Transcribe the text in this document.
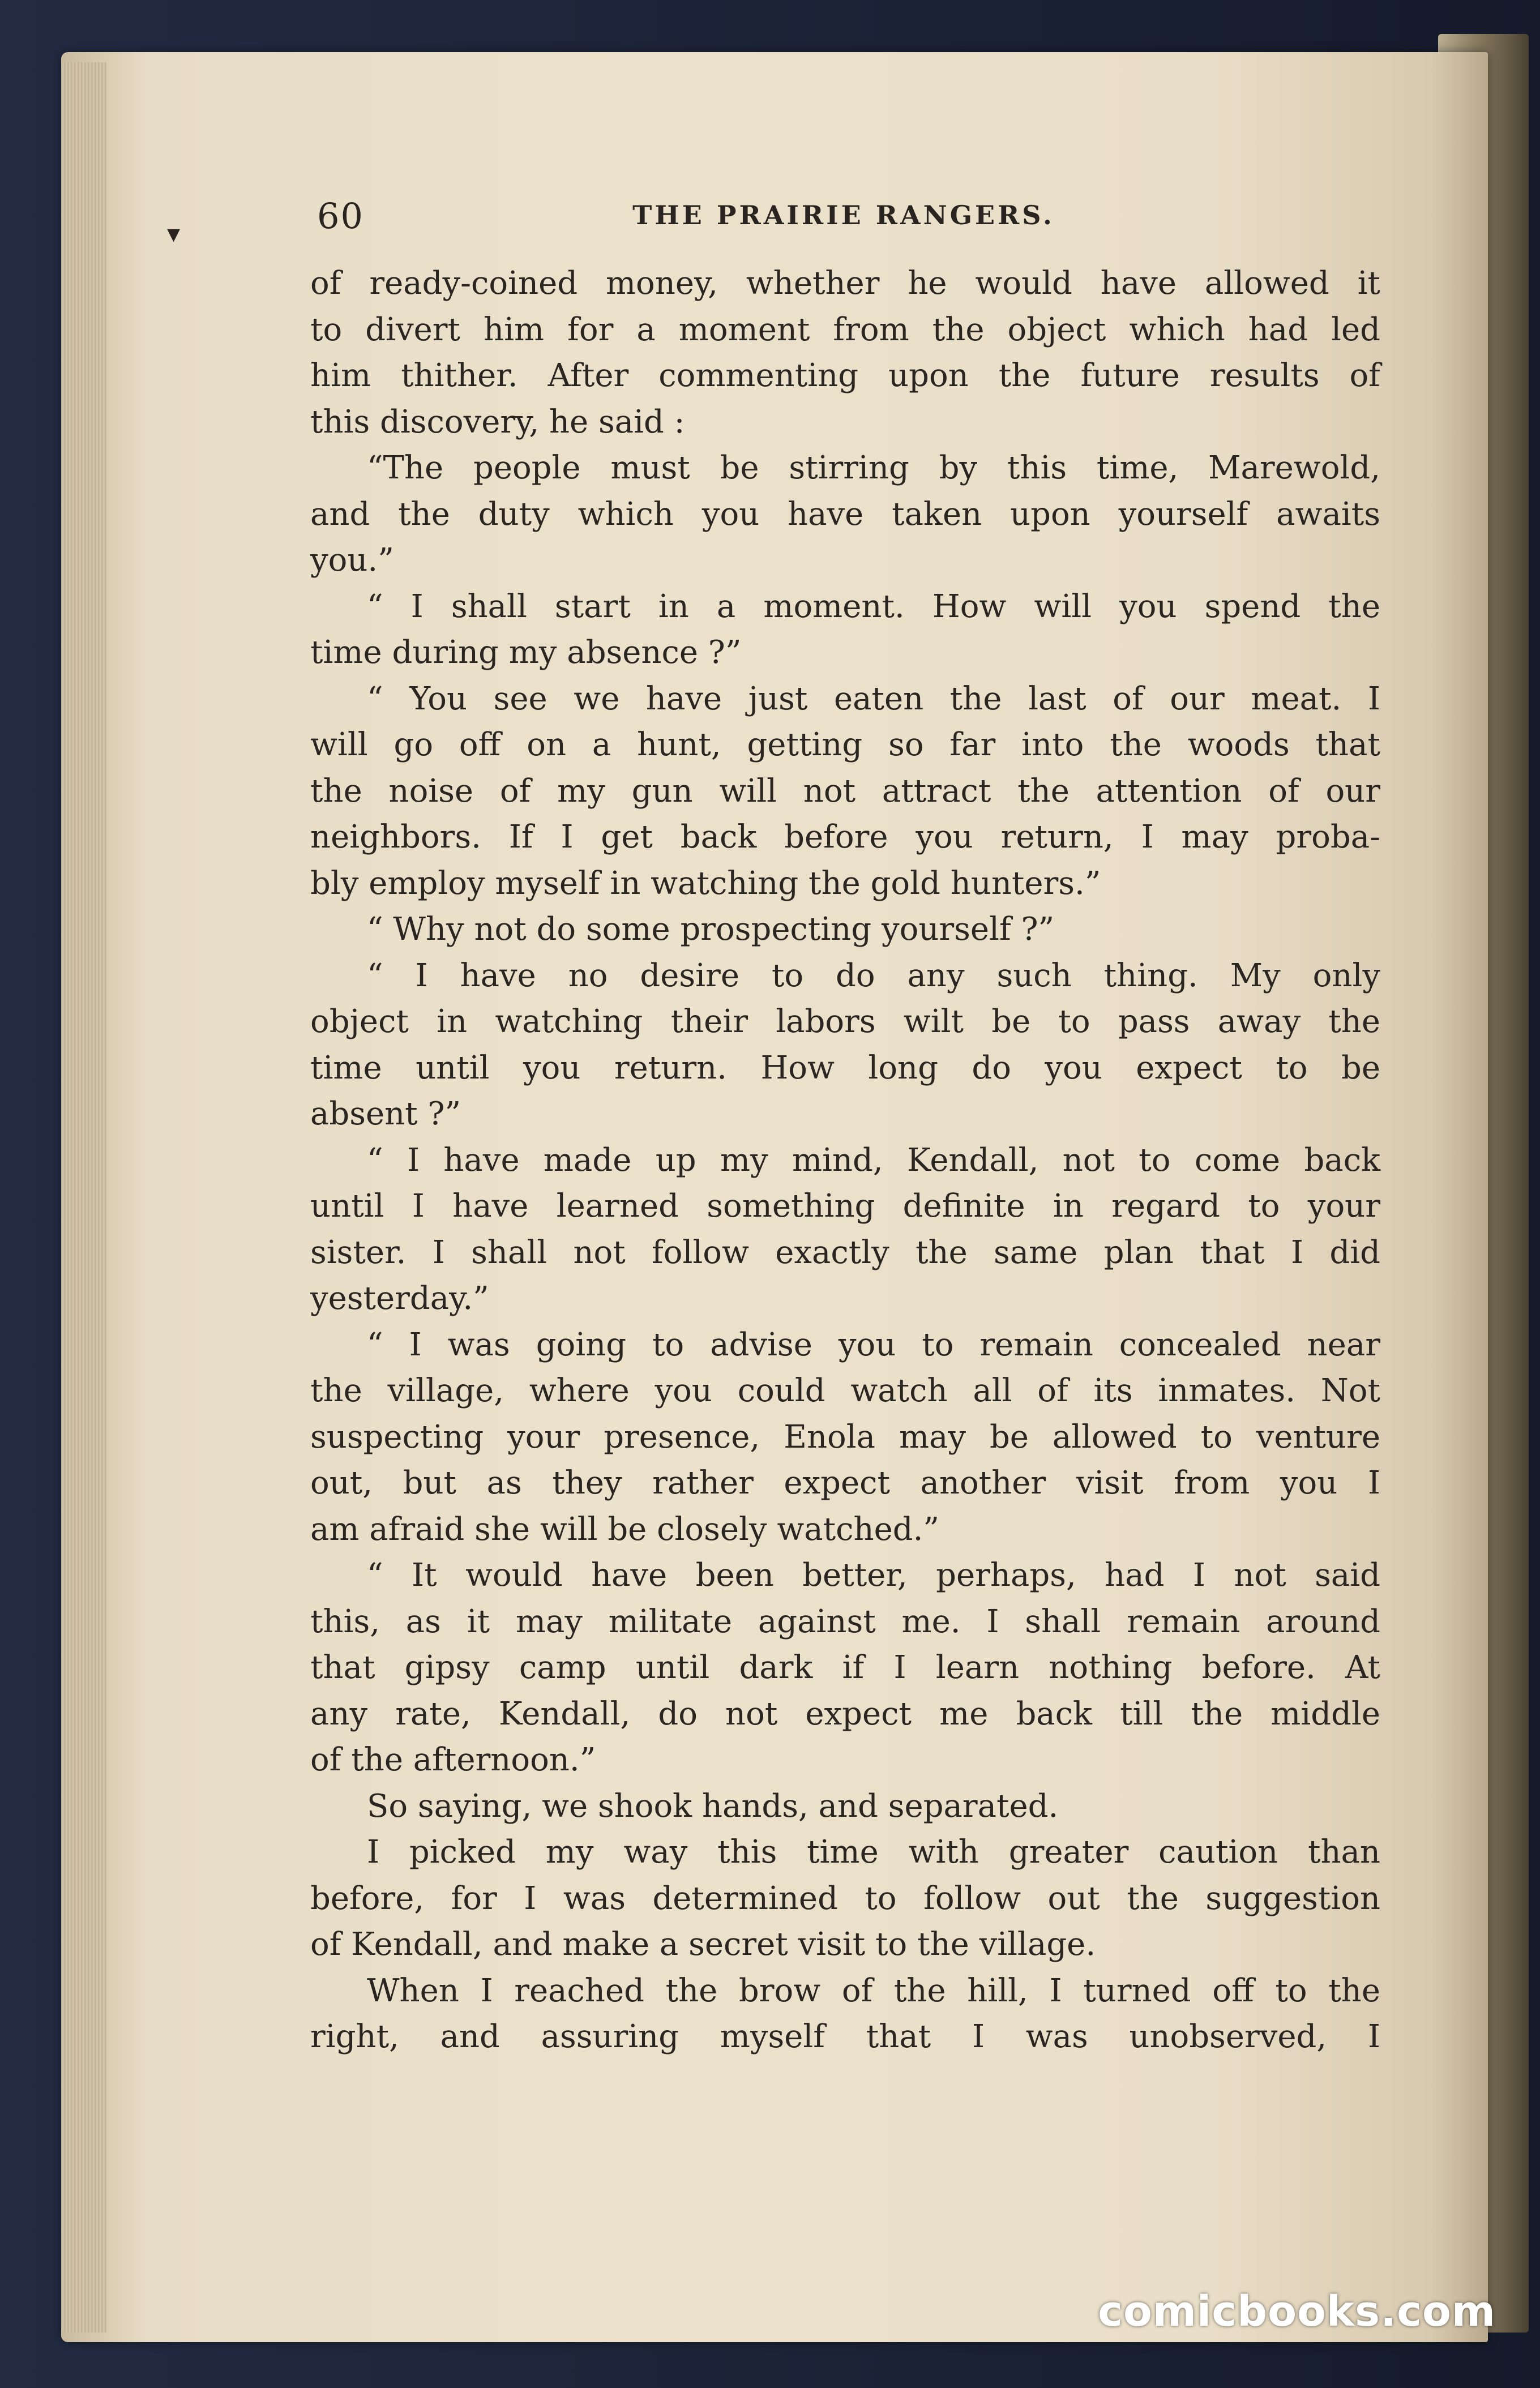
60	THE PRAIRIE RANGERS.
▾
of ready-coined money, whether he would have allowed it
to divert him for a moment from the object which had led
him thither. After commenting upon the future results of
this discovery, he said :
“The people must be stirring by this time, Marewold,
and the duty which you have taken upon yourself awaits
you.”
“ I shall start in a moment. How will you spend the
time during my absence ?”
“ You see we have just eaten the last of our meat. I
will go off on a hunt, getting so far into the woods that
the noise of my gun will not attract the attention of our
neighbors. If I get back before you return, I may proba-
bly employ myself in watching the gold hunters.”
“ Why not do some prospecting yourself ?”
“ I have no desire to do any such thing. My only
object in watching their labors wilt be to pass away the
time until you return. How long do you expect to be
absent ?”
“ I have made up my mind, Kendall, not to come back
until I have learned something definite in regard to your
sister. I shall not follow exactly the same plan that I did
yesterday.”
“ I was going to advise you to remain concealed near
the village, where you could watch all of its inmates. Not
suspecting your presence, Enola may be allowed to venture
out, but as they rather expect another visit from you I
am afraid she will be closely watched.”
“ It would have been better, perhaps, had I not said
this, as it may militate against me. I shall remain around
that gipsy camp until dark if I learn nothing before. At
any rate, Kendall, do not expect me back till the middle
of the afternoon.”
So saying, we shook hands, and separated.
I picked my way this time with greater caution than
before, for I was determined to follow out the suggestion
of Kendall, and make a secret visit to the village.
When I reached the brow of the hill, I turned off to the
right, and assuring myself that I was unobserved, I
comicbooks.com
